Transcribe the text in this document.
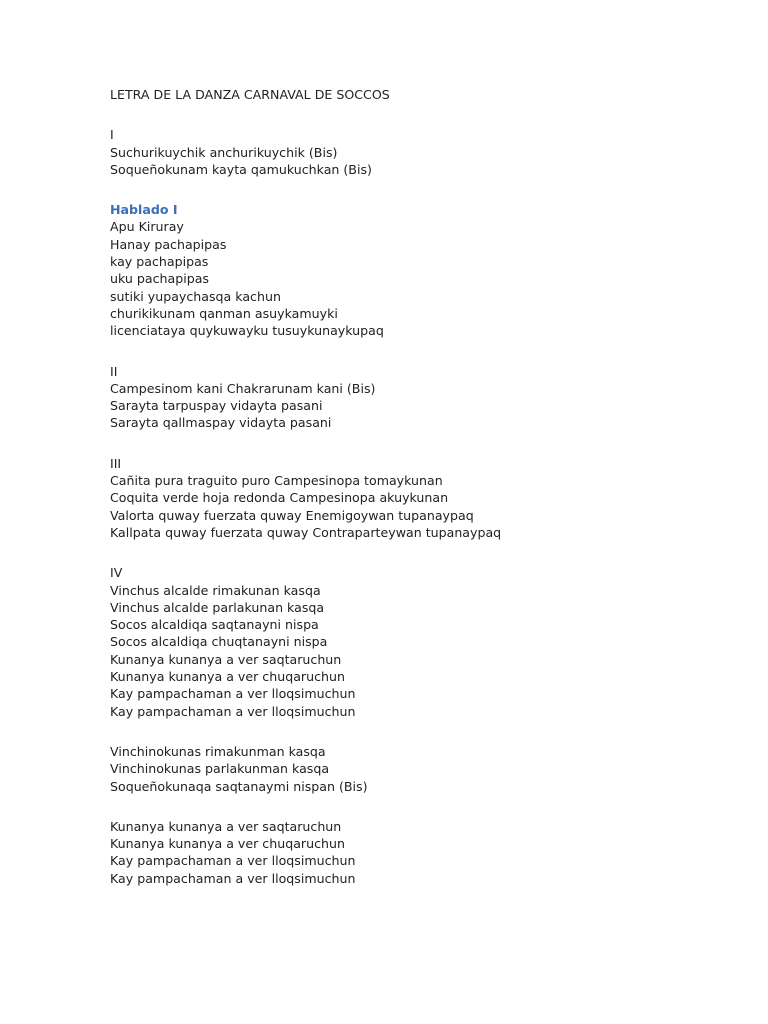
LETRA DE LA DANZA CARNAVAL DE SOCCOS
I
Suchurikuychik anchurikuychik (Bis)
Soqueñokunam kayta qamukuchkan (Bis)
Hablado I
Apu Kiruray
Hanay pachapipas
kay pachapipas
uku pachapipas
sutiki yupaychasqa kachun
churikikunam qanman asuykamuyki
licenciataya quykuwayku tusuykunaykupaq
II
Campesinom kani Chakrarunam kani (Bis)
Sarayta tarpuspay vidayta pasani
Sarayta qallmaspay vidayta pasani
III
Cañita pura traguito puro Campesinopa tomaykunan
Coquita verde hoja redonda Campesinopa akuykunan
Valorta quway fuerzata quway Enemigoywan tupanaypaq
Kallpata quway fuerzata quway Contraparteywan tupanaypaq
IV
Vinchus alcalde rimakunan kasqa
Vinchus alcalde parlakunan kasqa
Socos alcaldiqa saqtanayni nispa
Socos alcaldiqa chuqtanayni nispa
Kunanya kunanya a ver saqtaruchun
Kunanya kunanya a ver chuqaruchun
Kay pampachaman a ver lloqsimuchun
Kay pampachaman a ver lloqsimuchun
Vinchinokunas rimakunman kasqa
Vinchinokunas parlakunman kasqa
Soqueñokunaqa saqtanaymi nispan (Bis)
Kunanya kunanya a ver saqtaruchun
Kunanya kunanya a ver chuqaruchun
Kay pampachaman a ver lloqsimuchun
Kay pampachaman a ver lloqsimuchun
